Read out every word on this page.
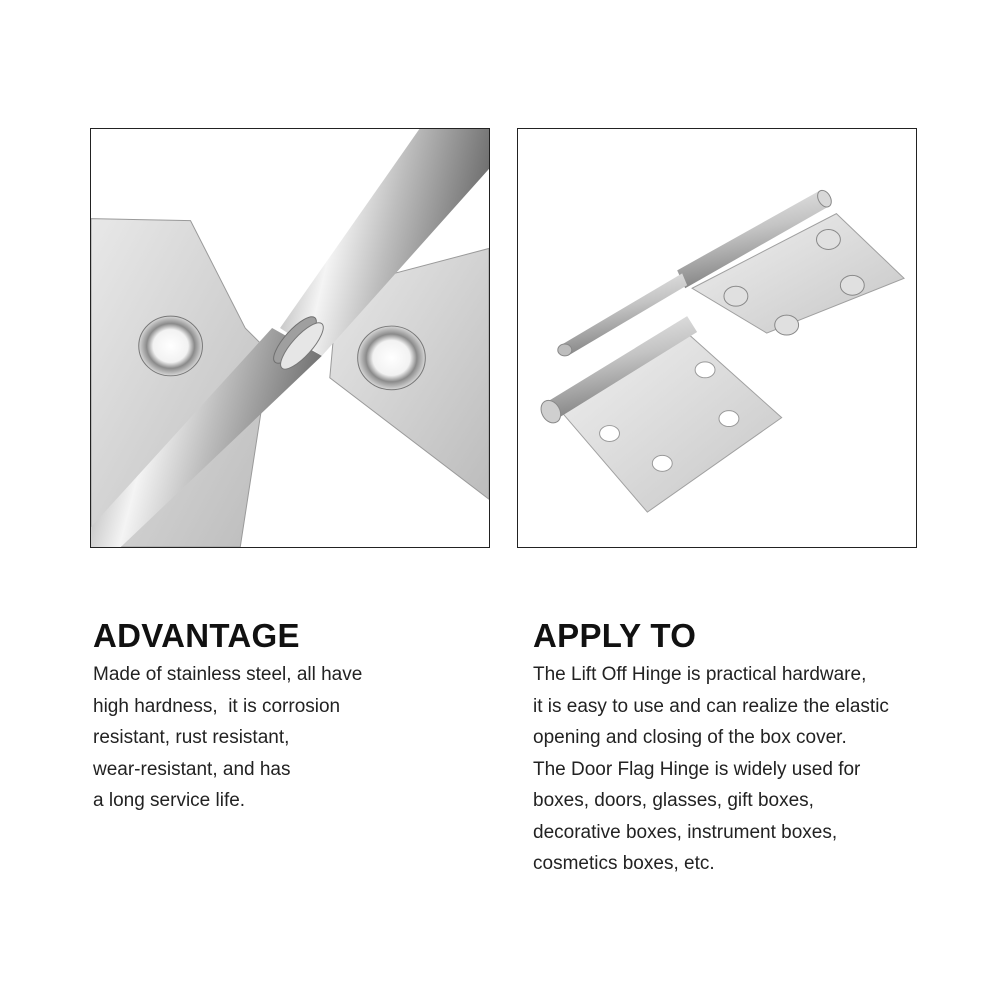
ADVANTAGE
Made of stainless steel, all have
high hardness,  it is corrosion
resistant, rust resistant,
wear-resistant, and has
a long service life.
APPLY TO
The Lift Off Hinge is practical hardware,
it is easy to use and can realize the elastic
opening and closing of the box cover.
The Door Flag Hinge is widely used for
boxes, doors, glasses, gift boxes,
decorative boxes, instrument boxes,
cosmetics boxes, etc.
